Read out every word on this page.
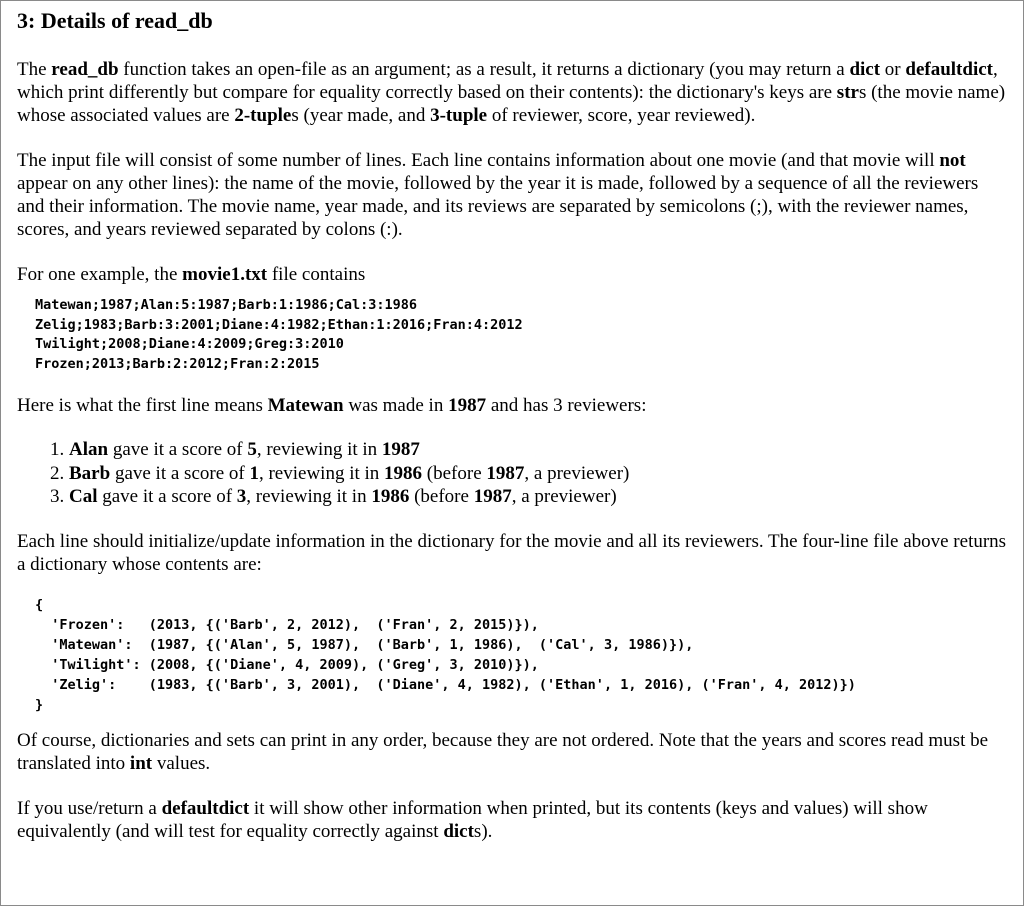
3: Details of read_db

The read_db function takes an open-file as an argument; as a result, it returns a dictionary (you may return a dict or defaultdict, which print differently but compare for equality correctly based on their contents): the dictionary's keys are strs (the movie name) whose associated values are 2-tuples (year made, and 3-tuple of reviewer, score, year reviewed).

The input file will consist of some number of lines. Each line contains information about one movie (and that movie will not appear on any other lines): the name of the movie, followed by the year it is made, followed by a sequence of all the reviewers and their information. The movie name, year made, and its reviews are separated by semicolons (;), with the reviewer names, scores, and years reviewed separated by colons (:).

For one example, the movie1.txt file contains

Matewan;1987;Alan:5:1987;Barb:1:1986;Cal:3:1986
Zelig;1983;Barb:3:2001;Diane:4:1982;Ethan:1:2016;Fran:4:2012
Twilight;2008;Diane:4:2009;Greg:3:2010
Frozen;2013;Barb:2:2012;Fran:2:2015

Here is what the first line means Matewan was made in 1987 and has 3 reviewers:

1. Alan gave it a score of 5, reviewing it in 1987
2. Barb gave it a score of 1, reviewing it in 1986 (before 1987, a previewer)
3. Cal gave it a score of 3, reviewing it in 1986 (before 1987, a previewer)

Each line should initialize/update information in the dictionary for the movie and all its reviewers. The four-line file above returns a dictionary whose contents are:

{
'Frozen':   (2013, {('Barb', 2, 2012),  ('Fran', 2, 2015)}),
'Matewan':  (1987, {('Alan', 5, 1987),  ('Barb', 1, 1986),  ('Cal', 3, 1986)}),
'Twilight': (2008, {('Diane', 4, 2009), ('Greg', 3, 2010)}),
'Zelig':    (1983, {('Barb', 3, 2001),  ('Diane', 4, 1982), ('Ethan', 1, 2016), ('Fran', 4, 2012)})
}

Of course, dictionaries and sets can print in any order, because they are not ordered. Note that the years and scores read must be translated into int values.

If you use/return a defaultdict it will show other information when printed, but its contents (keys and values) will show equivalently (and will test for equality correctly against dicts).
